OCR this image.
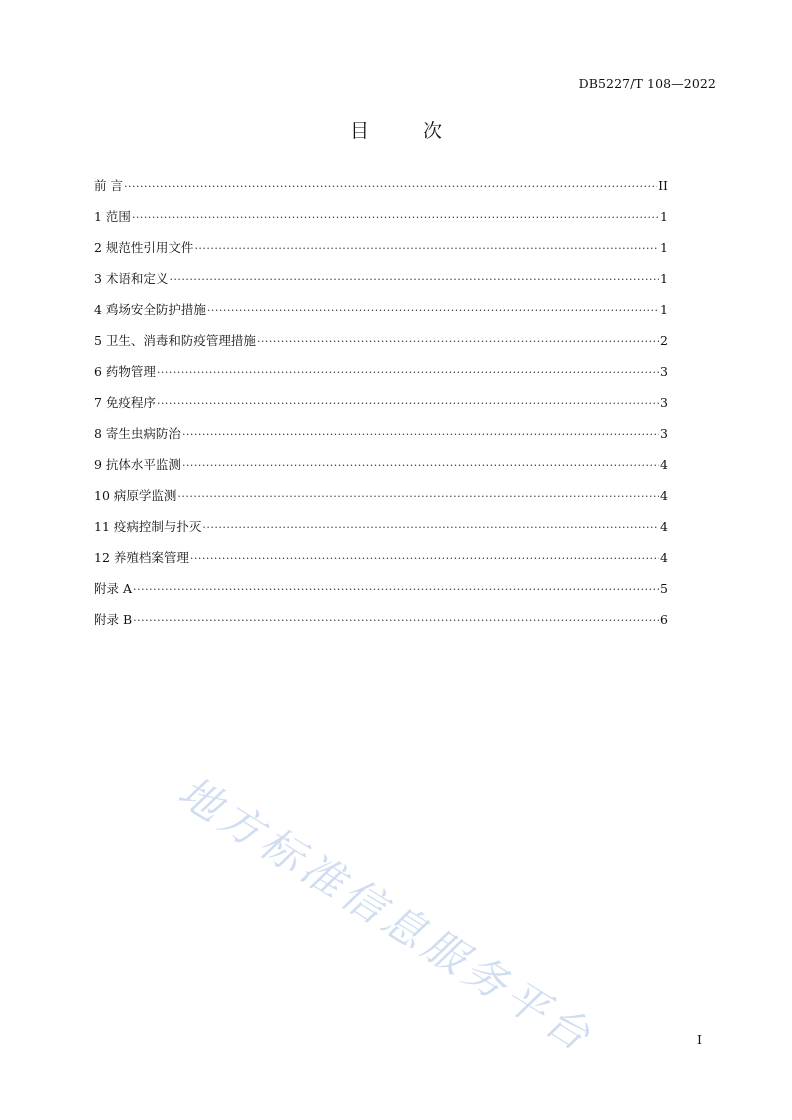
DB5227/T 108—2022
目 次
前 言 ·····	II
1 范围 ·····	1
2 规范性引用文件 ·····	1
3 术语和定义 ·····	1
4 鸡场安全防护措施 ·····	1
5 卫生、消毒和防疫管理措施 ·····	2
6 药物管理 ·····	3
7 免疫程序 ·····	3
8 寄生虫病防治 ·····	3
9 抗体水平监测 ·····	4
10 病原学监测 ·····	4
11 疫病控制与扑灭 ·····	4
12 养殖档案管理 ·····	4
附录 A ·····	5
附录 B ·····	6
地方标准信息服务平台	I
